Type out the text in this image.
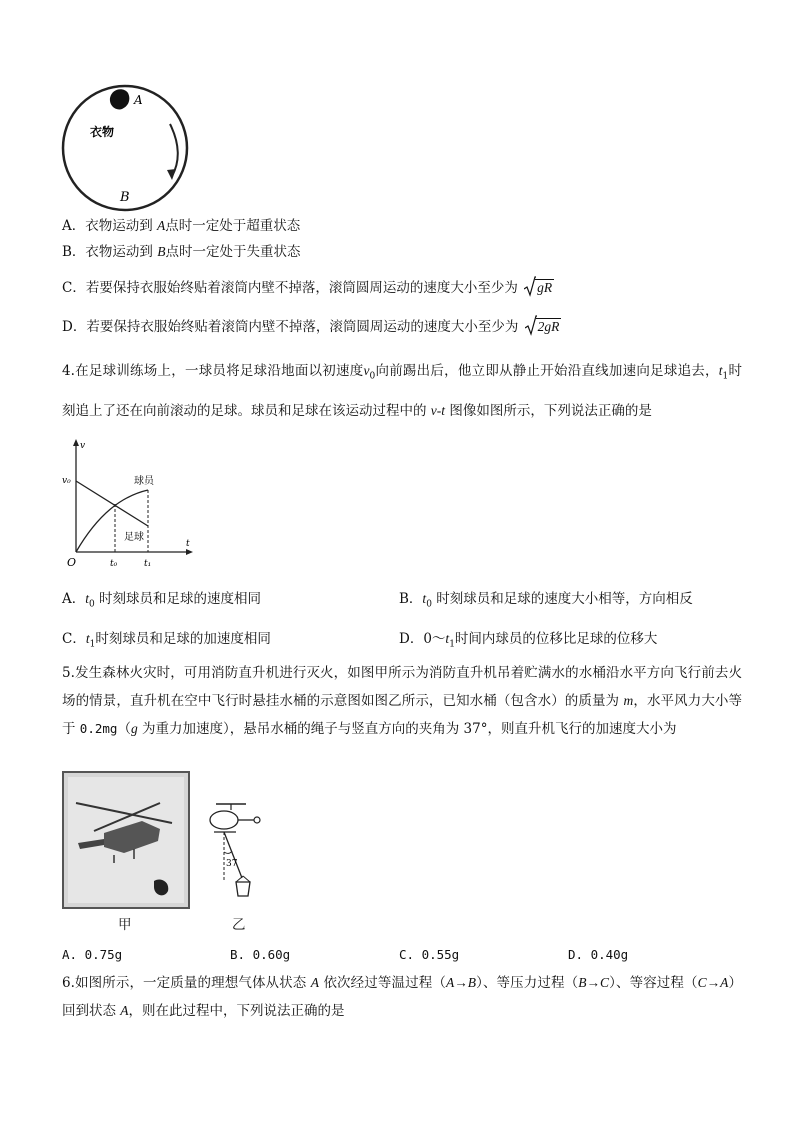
A
衣物
B
A．衣物运动到 A点时一定处于超重状态
B．衣物运动到 B点时一定处于失重状态
C．若要保持衣服始终贴着滚筒内壁不掉落，滚筒圆周运动的速度大小至少为 gR
D．若要保持衣服始终贴着滚筒内壁不掉落，滚筒圆周运动的速度大小至少为 2gR
4.在足球训练场上，一球员将足球沿地面以初速度$v_0$向前踢出后，他立即从静止开始沿直线加速向足球追去，$t_1$时刻追上了还在向前滚动的足球。球员和足球在该运动过程中的 v-t 图像如图所示，下列说法正确的是
v
t
O
v₀	球员
足球
t₀	t₁
A．$t_0$ 时刻球员和足球的速度相同	B．$t_0$ 时刻球员和足球的速度大小相等，方向相反
C．$t_1$时刻球员和足球的加速度相同	D．$0\sim t_1$时间内球员的位移比足球的位移大
5.发生森林火灾时，可用消防直升机进行灭火，如图甲所示为消防直升机吊着贮满水的水桶沿水平方向飞行前去火场的情景，直升机在空中飞行时悬挂水桶的示意图如图乙所示，已知水桶（包含水）的质量为 m，水平风力大小等于 0.2mg（g 为重力加速度），悬吊水桶的绳子与竖直方向的夹角为 37°，则直升机飞行的加速度大小为
甲
37
乙
A. 0.75g	B. 0.60g	C. 0.55g	D. 0.40g
6.如图所示，一定质量的理想气体从状态 A 依次经过等温过程（A→B）、等压力过程（B→C）、等容过程（C→A）回到状态 A，则在此过程中，下列说法正确的是
